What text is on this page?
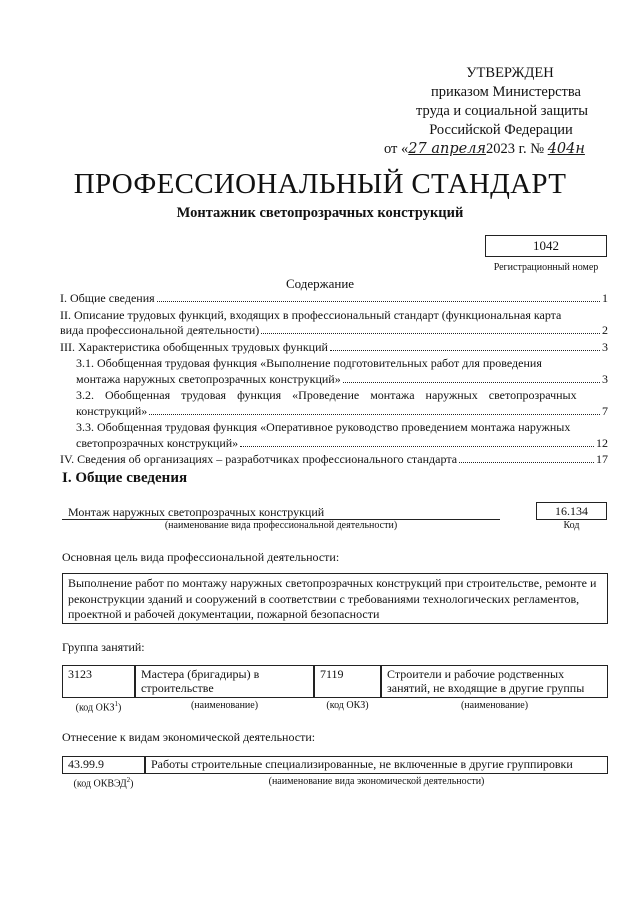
УТВЕРЖДЕН
приказом Министерства
труда и социальной защиты
Российской Федерации
от «27 апреля2023 г. № 404н
ПРОФЕССИОНАЛЬНЫЙ СТАНДАРТ
Монтажник светопрозрачных конструкций
1042
Регистрационный номер
Содержание
I. Общие сведения	1
II. Описание трудовых функций, входящих в профессиональный стандарт (функциональная карта
вида профессиональной деятельности)	2
III. Характеристика обобщенных трудовых функций	3
3.1. Обобщенная трудовая функция «Выполнение подготовительных работ для проведения
монтажа наружных светопрозрачных конструкций»	3
3.2. Обобщенная трудовая функция «Проведение монтажа наружных светопрозрачных
конструкций»	7
3.3. Обобщенная трудовая функция «Оперативное руководство проведением монтажа наружных
светопрозрачных конструкций»	12
IV. Сведения об организациях – разработчиках профессионального стандарта	17
I. Общие сведения
Монтаж наружных светопрозрачных конструкций
(наименование вида профессиональной деятельности)
16.134
Код
Основная цель вида профессиональной деятельности:
Выполнение работ по монтажу наружных светопрозрачных конструкций при строительстве, ремонте и реконструкции зданий и сооружений в соответствии с требованиями технологических регламентов, проектной и рабочей документации, пожарной безопасности
Группа занятий:
3123	Мастера (бригадиры) в строительстве
7119	Строители и рабочие родственных занятий, не входящие в другие группы
(код ОКЗ$^1$)	(наименование)	(код ОКЗ)	(наименование)
Отнесение к видам экономической деятельности:
43.99.9	Работы строительные специализированные, не включенные в другие группировки
(код ОКВЭД$^2$)	(наименование вида экономической деятельности)
